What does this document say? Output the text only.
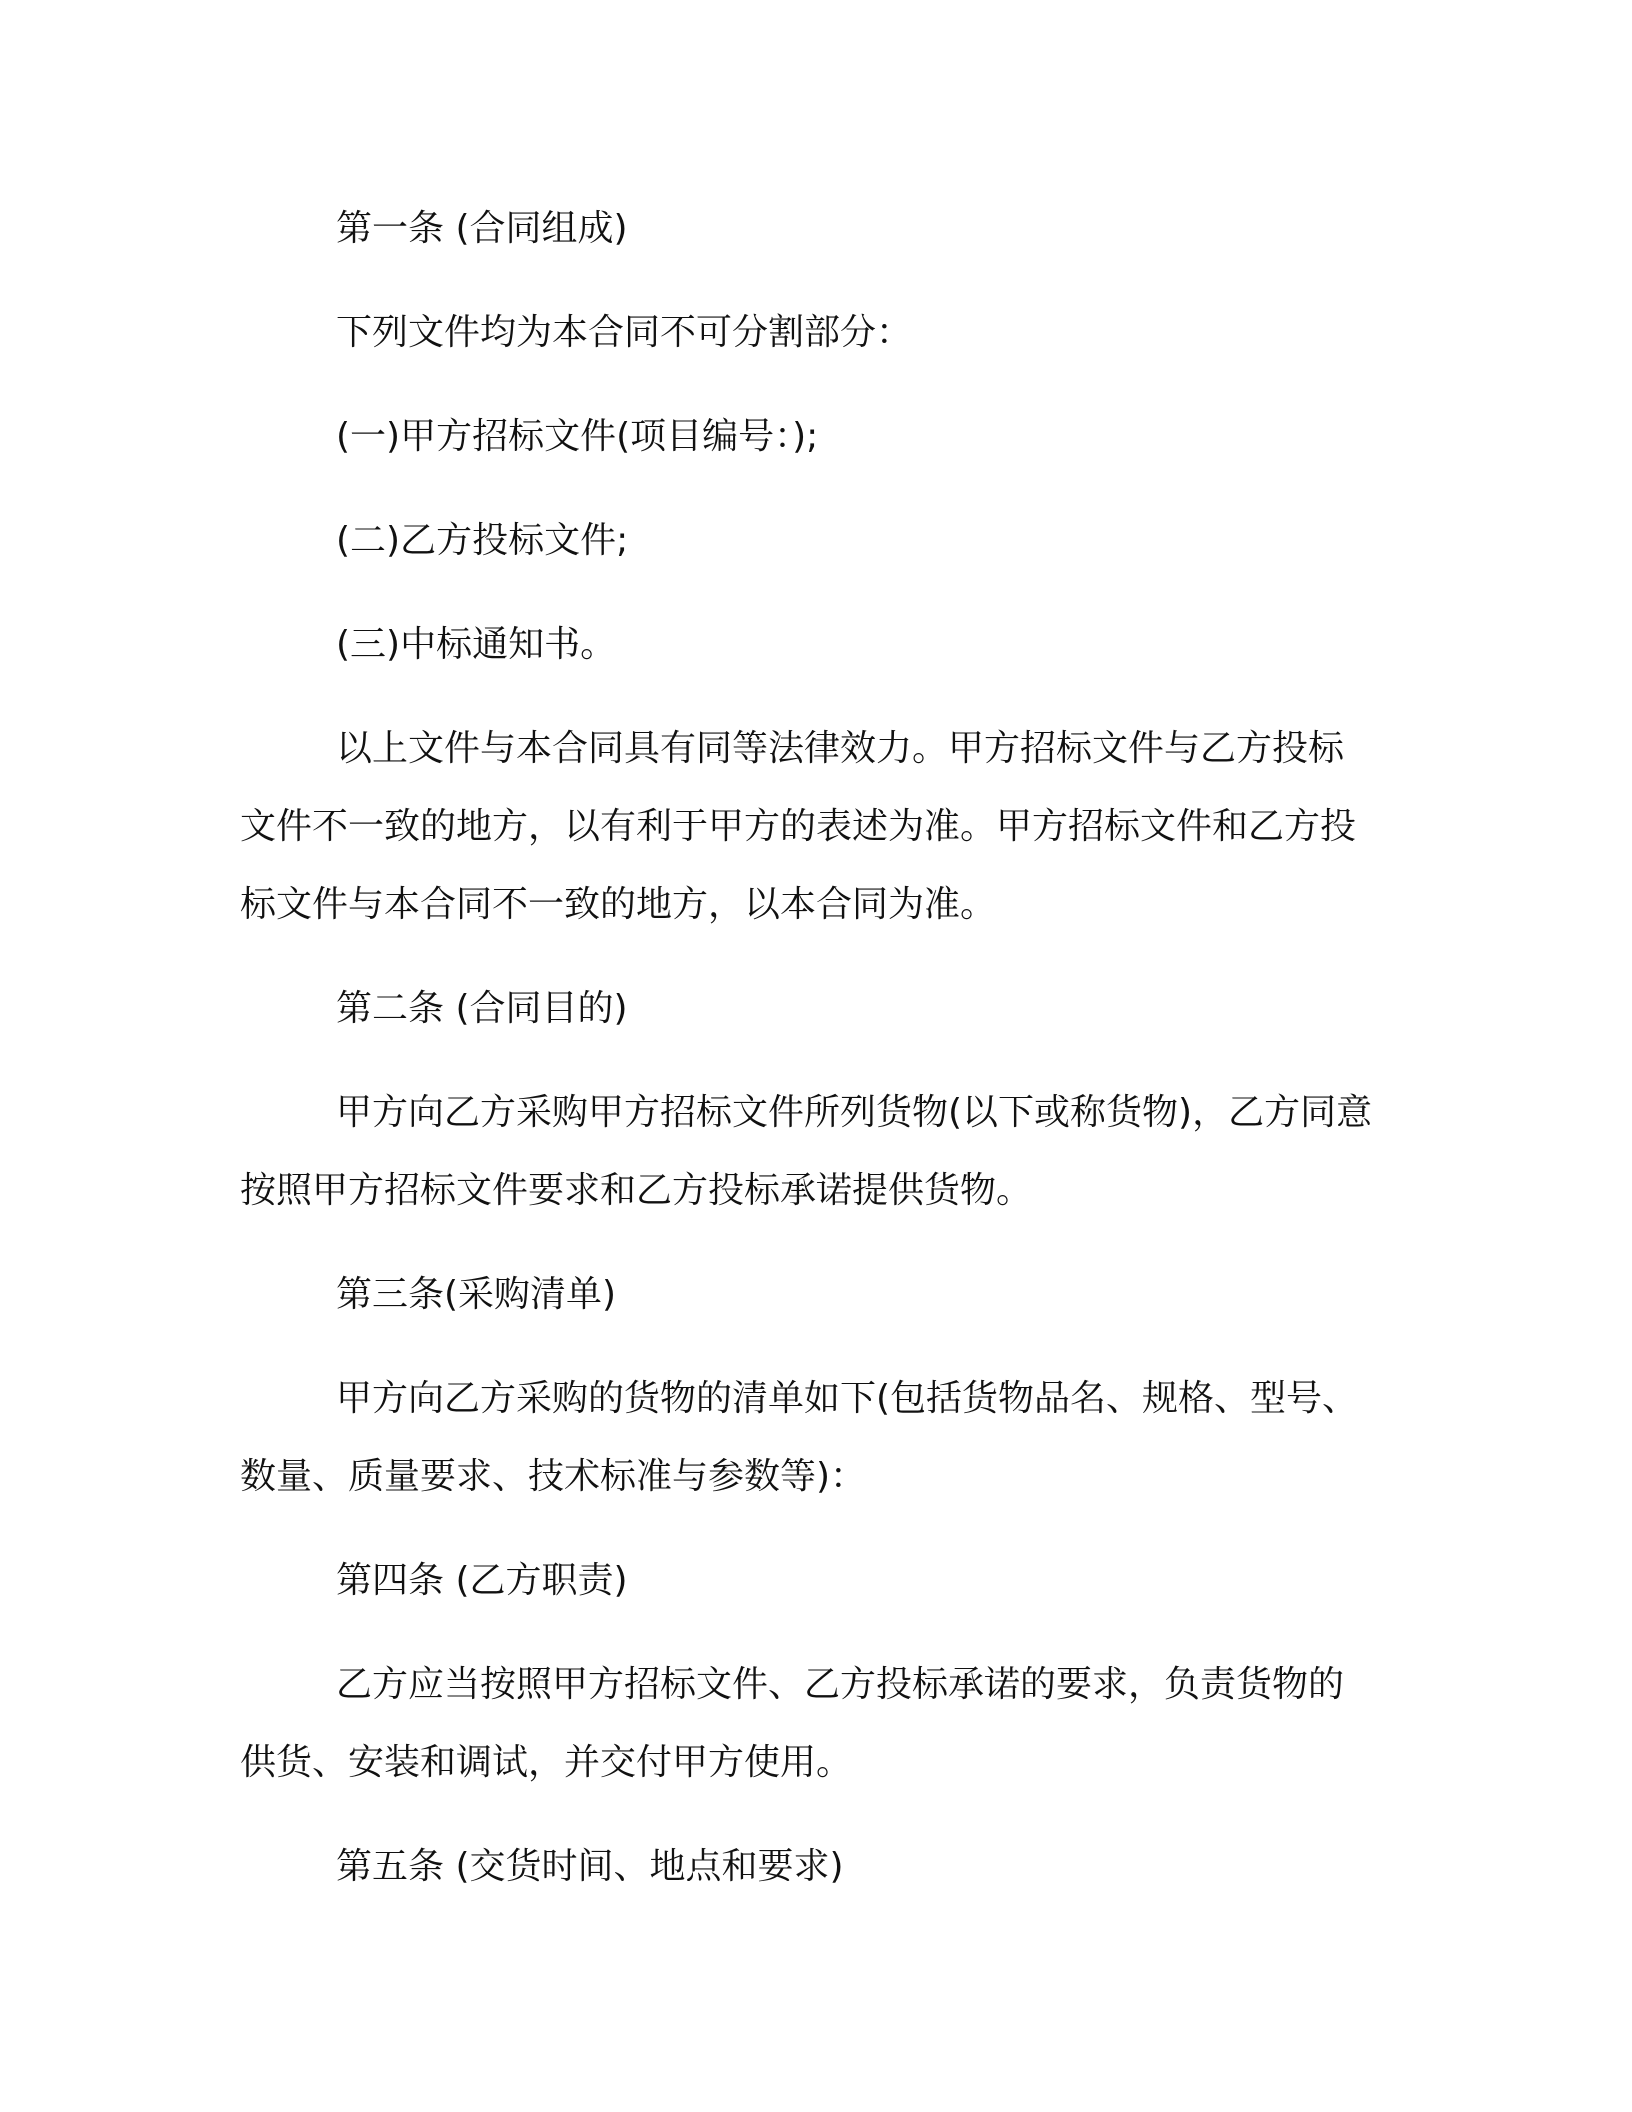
第一条 (合同组成)

下列文件均为本合同不可分割部分：

(一)甲方招标文件(项目编号：);

(二)乙方投标文件;

(三)中标通知书。

以上文件与本合同具有同等法律效力。甲方招标文件与乙方投标文件不一致的地方，以有利于甲方的表述为准。甲方招标文件和乙方投标文件与本合同不一致的地方，以本合同为准。

第二条 (合同目的)

甲方向乙方采购甲方招标文件所列货物(以下或称货物)，乙方同意按照甲方招标文件要求和乙方投标承诺提供货物。

第三条(采购清单)

甲方向乙方采购的货物的清单如下(包括货物品名、规格、型号、数量、质量要求、技术标准与参数等)：

第四条 (乙方职责)

乙方应当按照甲方招标文件、乙方投标承诺的要求，负责货物的供货、安装和调试，并交付甲方使用。

第五条 (交货时间、地点和要求)
